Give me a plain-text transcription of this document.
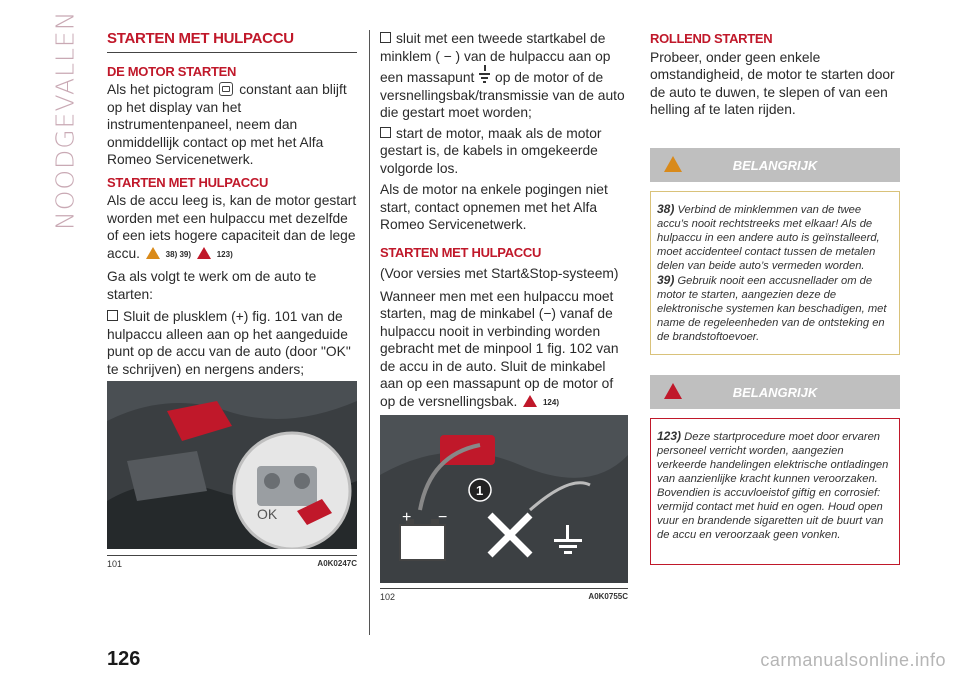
NOODGEVALLEN STARTEN MET HULPACCU
DE MOTOR STARTEN

Als het pictogram constant aan blijft op het display van het instrumentenpaneel, neem dan onmiddellijk contact op met het Alfa Romeo Servicenetwerk.

STARTEN MET HULPACCU

Als de accu leeg is, kan de motor gestart worden met een hulpaccu met dezelfde of een iets hogere capaciteit dan de lege accu.	38) 39)	123)

Ga als volgt te werk om de auto te starten:

Sluit de plusklem (+) fig. 101 van de hulpaccu alleen aan op het aangeduide punt op de accu van de auto (door "OK" te schrijven) en nergens anders;

OK
101	A0K0247C

sluit met een tweede startkabel de minklem ( − ) van de hulpaccu aan op een massapunt op de motor of de versnellingsbak/transmissie van de auto die gestart moet worden;

start de motor, maak als de motor gestart is, de kabels in omgekeerde volgorde los.

Als de motor na enkele pogingen niet start, contact opnemen met het Alfa Romeo Servicenetwerk.

STARTEN MET HULPACCU

(Voor versies met Start&Stop-systeem)

Wanneer men met een hulpaccu moet starten, mag de minkabel (−) vanaf de hulpaccu nooit in verbinding worden gebracht met de minpool 1 fig. 102 van de accu in de auto. Sluit de minkabel aan op een massapunt op de motor of op de versnellingsbak.	124)

1
+ −
102	A0K0755C
ROLLEND STARTEN

Probeer, onder geen enkele omstandigheid, de motor te starten door de auto te duwen, te slepen of van een helling af te laten rijden.

BELANGRIJK
38) Verbind de minklemmen van de twee accu’s nooit rechtstreeks met elkaar! Als de hulpaccu in een andere auto is geïnstalleerd, moet accidenteel contact tussen de metalen delen van beide auto’s vermeden worden.
39) Gebruik nooit een accusnellader om de motor te starten, aangezien deze de elektronische systemen kan beschadigen, met name de regeleenheden van de ontsteking en de brandstoftoevoer.
BELANGRIJK
123) Deze startprocedure moet door ervaren personeel verricht worden, aangezien verkeerde handelingen elektrische ontladingen van aanzienlijke kracht kunnen veroorzaken. Bovendien is accuvloeistof giftig en corrosief: vermijd contact met huid en ogen. Houd open vuur en brandende sigaretten uit de buurt van de accu en veroorzaak geen vonken.
126	carmanualsonline.info
